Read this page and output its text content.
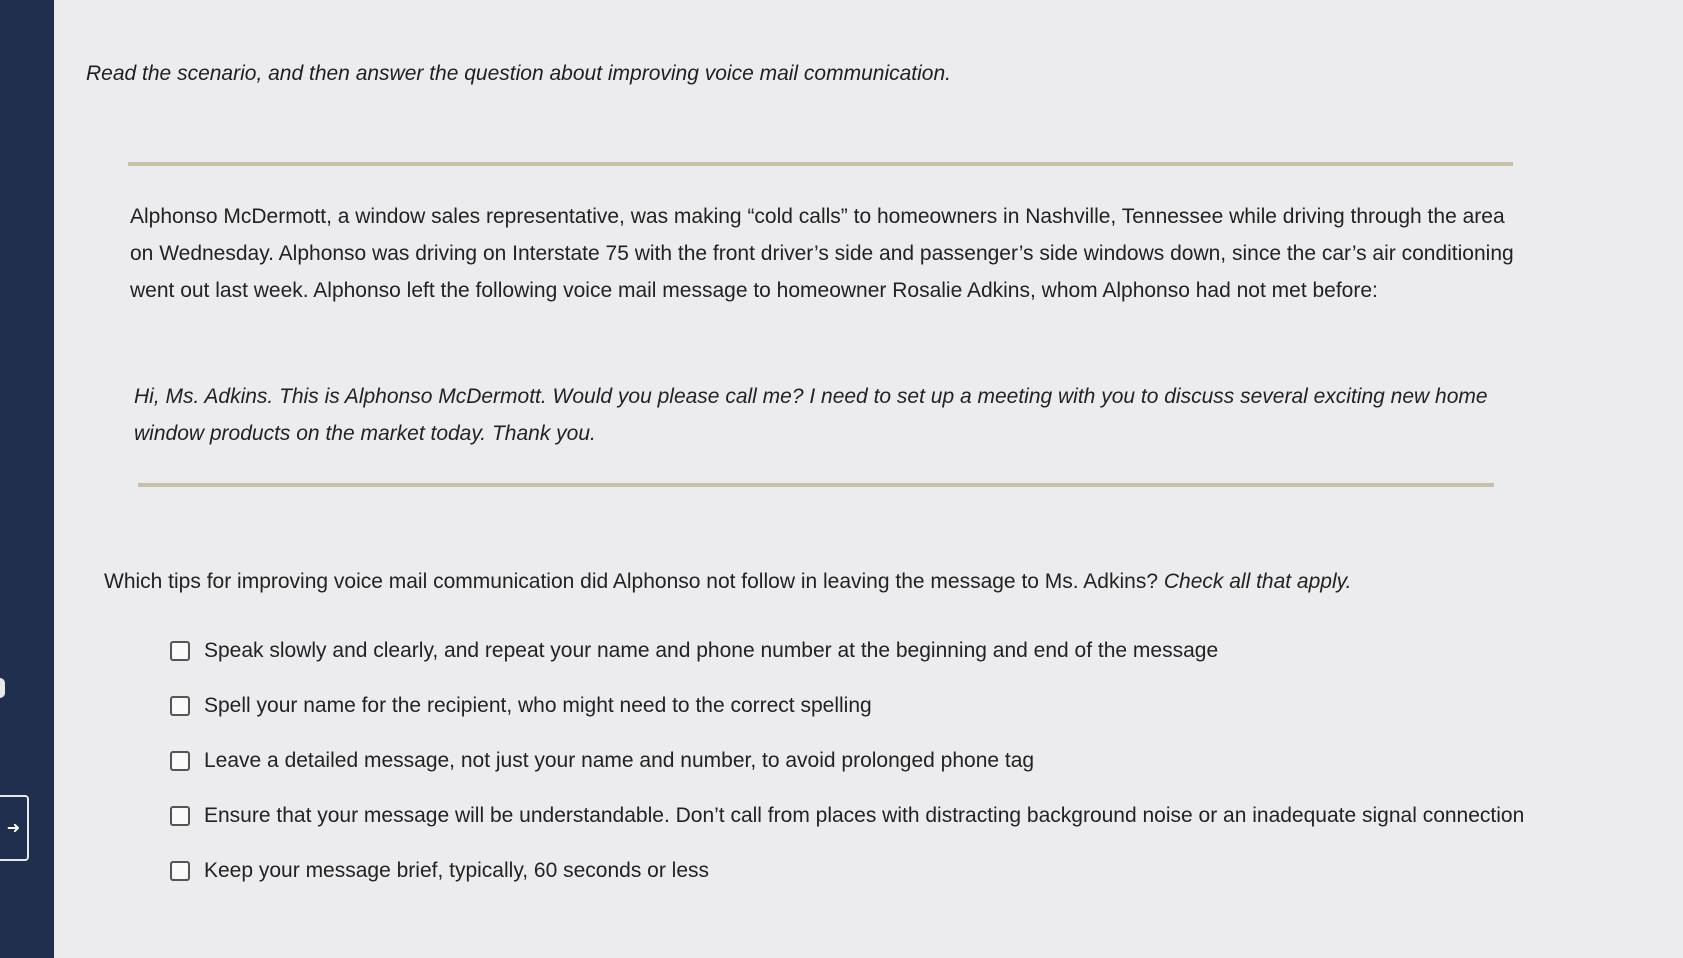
➜
Read the scenario, and then answer the question about improving voice mail communication.
Alphonso McDermott, a window sales representative, was making “cold calls” to homeowners in Nashville, Tennessee while driving through the area on Wednesday. Alphonso was driving on Interstate 75 with the front driver’s side and passenger’s side windows down, since the car’s air conditioning went out last week. Alphonso left the following voice mail message to homeowner Rosalie Adkins, whom Alphonso had not met before:
Hi, Ms. Adkins. This is Alphonso McDermott. Would you please call me? I need to set up a meeting with you to discuss several exciting new home window products on the market today. Thank you.
Which tips for improving voice mail communication did Alphonso not follow in leaving the message to Ms. Adkins? Check all that apply.
Speak slowly and clearly, and repeat your name and phone number at the beginning and end of the message
Spell your name for the recipient, who might need to the correct spelling
Leave a detailed message, not just your name and number, to avoid prolonged phone tag
Ensure that your message will be understandable. Don’t call from places with distracting background noise or an inadequate signal connection
Keep your message brief, typically, 60 seconds or less
